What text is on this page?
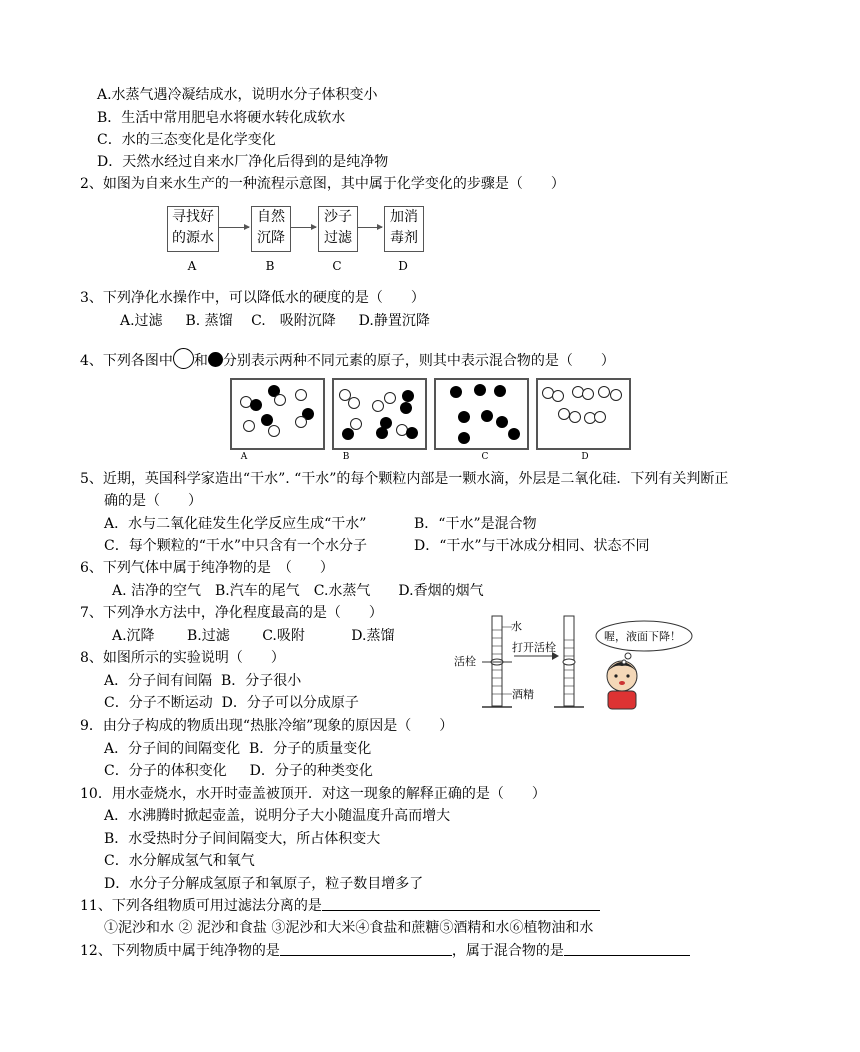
A.水蒸气遇冷凝结成水，说明水分子体积变小
B．生活中常用肥皂水将硬水转化成软水
C．水的三态变化是化学变化
D．天然水经过自来水厂净化后得到的是纯净物
2、如图为自来水生产的一种流程示意图，其中属于化学变化的步骤是（　　）
寻找好
的源水
自然
沉降
沙子
过滤
加消
毒剂
A	B	C	D
3、下列净化水操作中，可以降低水的硬度的是（　　）
A.过滤　  B. 蒸馏　 C.　吸附沉降　  D.静置沉降
4、下列各图中 和 分别表示两种不同元素的原子，则其中表示混合物的是（　　）
A	B	C	D
5、近期，英国科学家造出“干水”. “干水”的每个颗粒内部是一颗水滴，外层是二氧化硅．下列有关判断正
确的是（　　）
A．水与二氧化硅发生化学反应生成“干水”	B．“干水”是混合物
C．每个颗粒的“干水”中只含有一个水分子	D．“干水”与干冰成分相同、状态不同
6、下列气体中属于纯净物的是　（　　）
A. 洁净的空气　B.汽车的尾气　C.水蒸气　　D.香烟的烟气
7、下列净水方法中，净化程度最高的是（　　）
A.沉降　　 B.过滤　　 C.吸附　　　 D.蒸馏
8、如图所示的实验说明（　　）
A．分子间有间隔  B．分子很小
C．分子不断运动  D．分子可以分成原子
水
活栓
打开活栓
酒精
喔，液面下降！
9．由分子构成的物质出现“热胀冷缩”现象的原因是（　　）
A．分子间的间隔变化  B．分子的质量变化
C．分子的体积变化　  D．分子的种类变化
10．用水壶烧水，水开时壶盖被顶开．对这一现象的解释正确的是（　　）
A．水沸腾时掀起壶盖，说明分子大小随温度升高而增大
B．水受热时分子间间隔变大，所占体积变大
C．水分解成氢气和氧气
D．水分子分解成氢原子和氧原子，粒子数目增多了
11、下列各组物质可用过滤法分离的是
①泥沙和水 ② 泥沙和食盐 ③泥沙和大米④食盐和蔗糖⑤酒精和水⑥植物油和水
12、下列物质中属于纯净物的是	，属于混合物的是
